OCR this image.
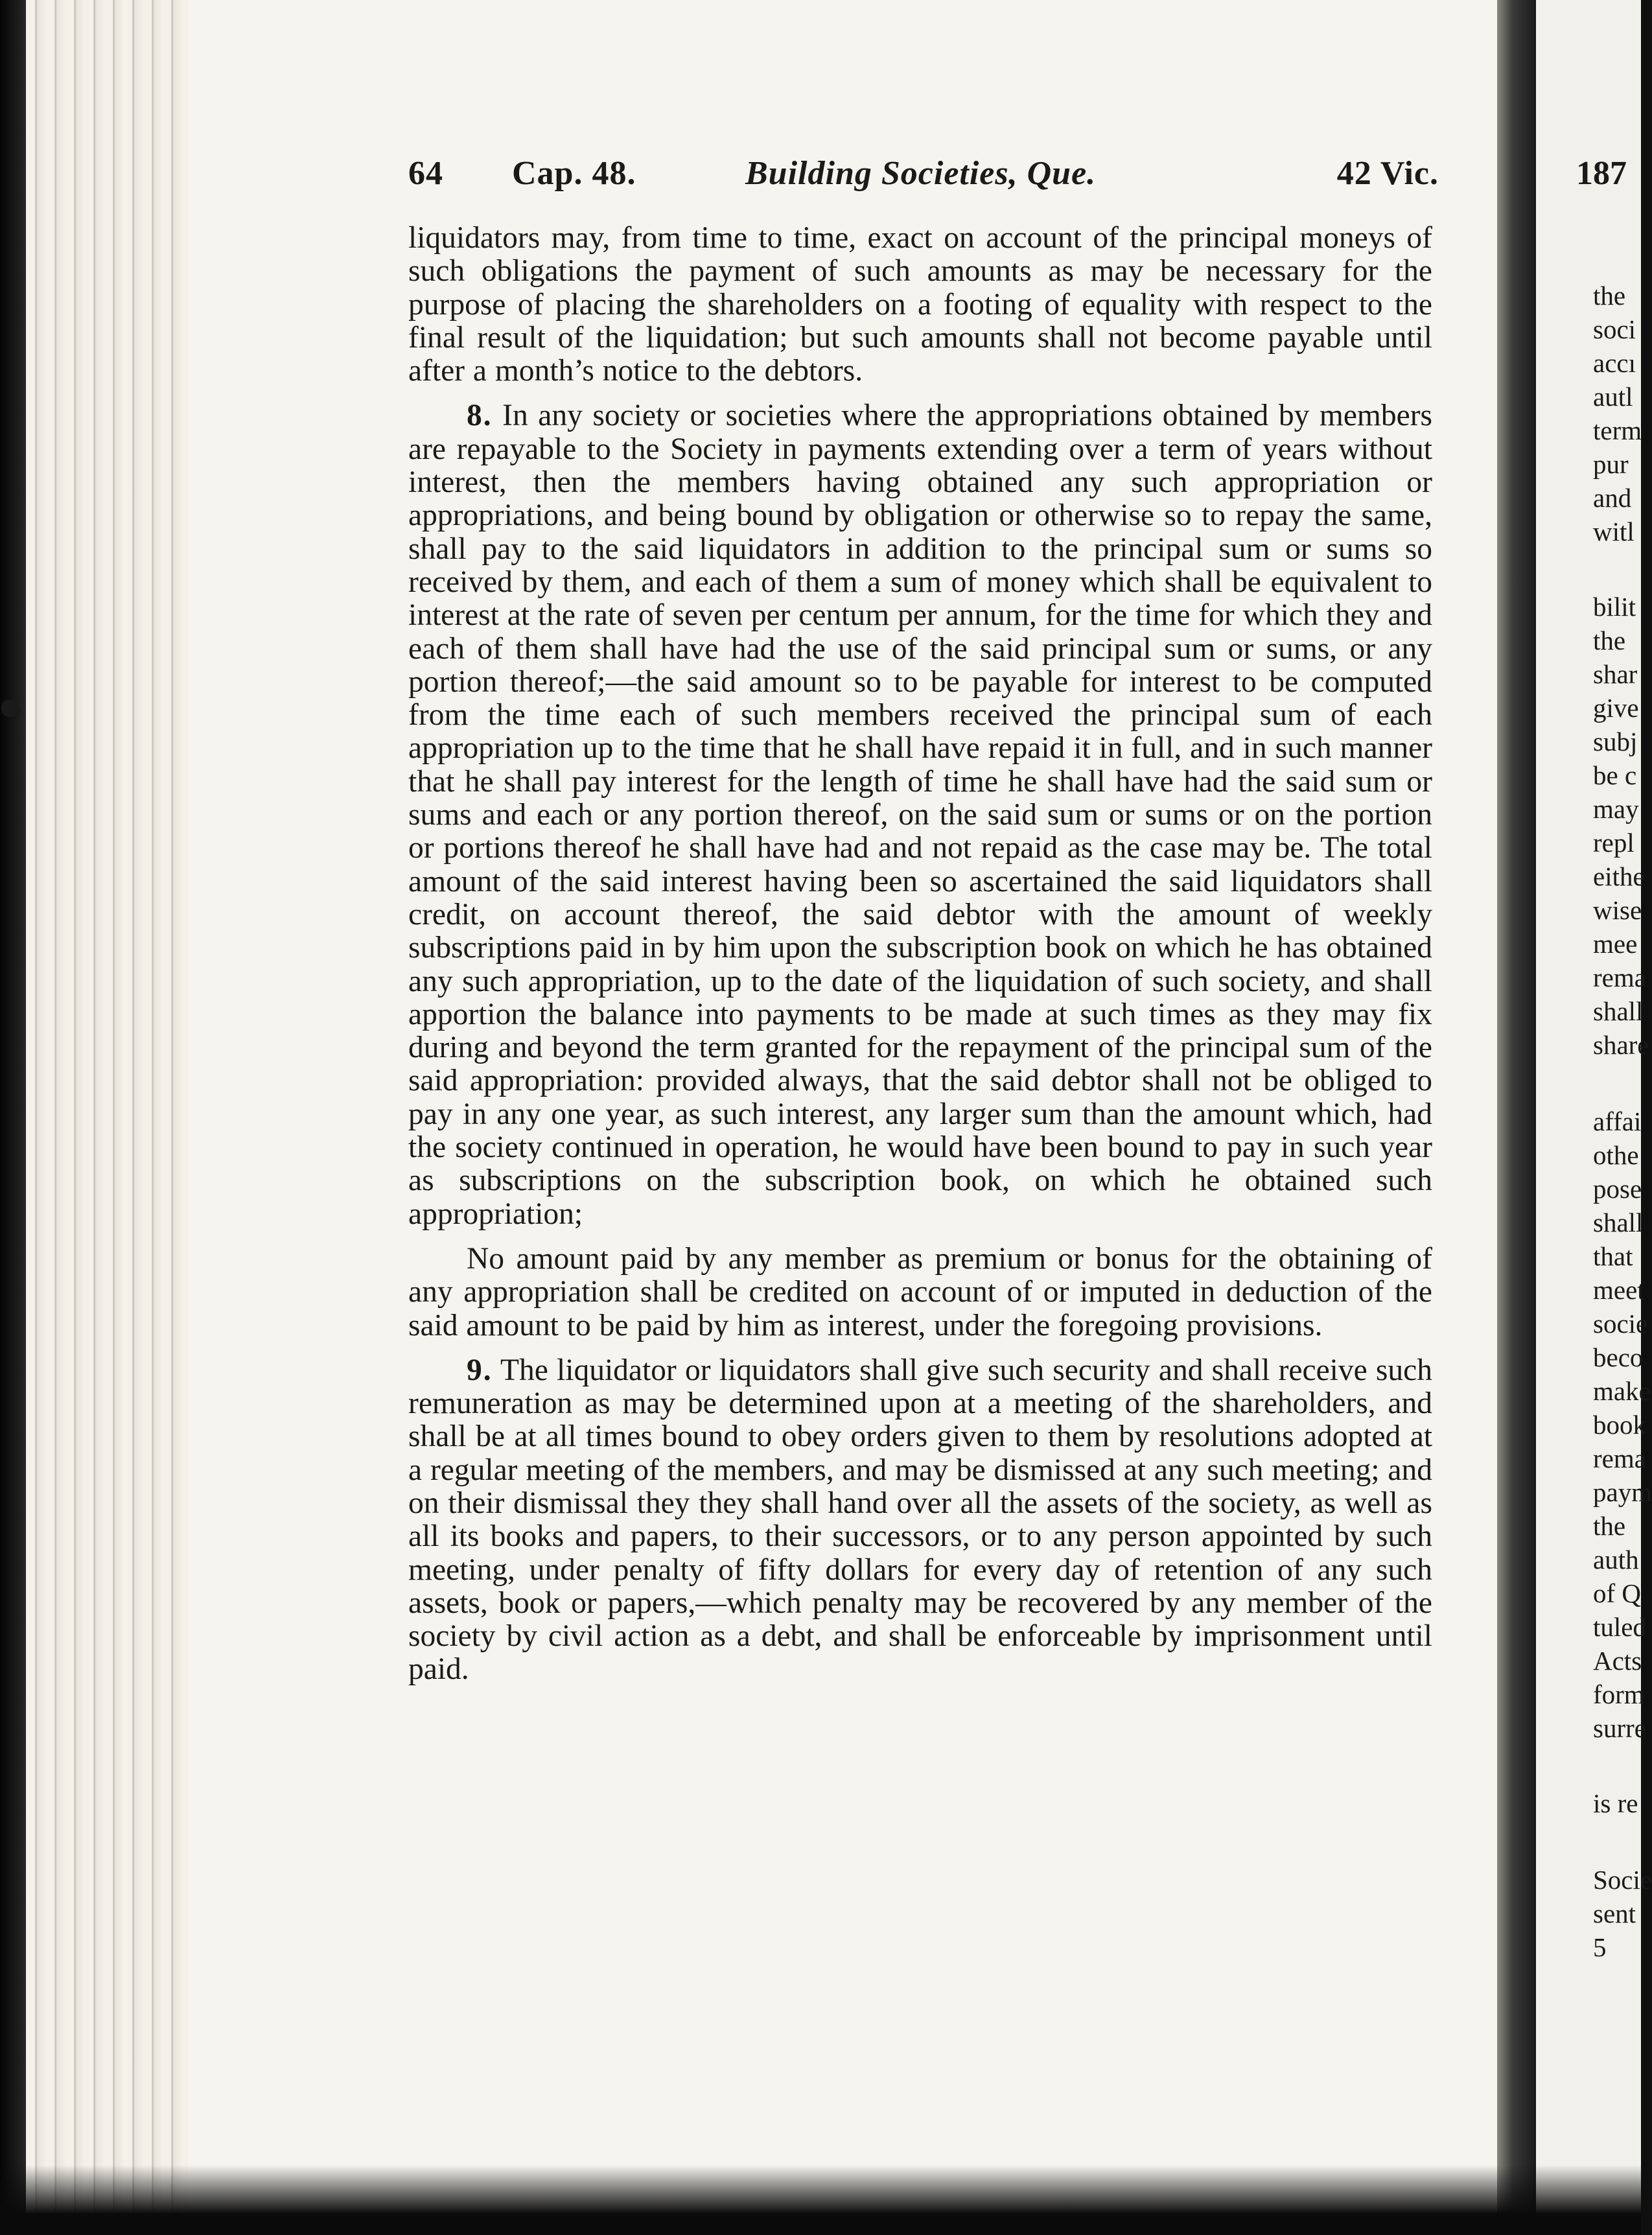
64 Cap. 48.	Building Societies, Que.	42 Vic.

liquidators may, from time to time, exact on account of the principal moneys of such obligations the payment of such amounts as may be necessary for the purpose of placing the shareholders on a footing of equality with respect to the final result of the liquidation; but such amounts shall not become payable until after a month’s notice to the debtors.

8. In any society or societies where the appropriations obtained by members are repayable to the Society in payments extending over a term of years without interest, then the members having obtained any such appropriation or appropriations, and being bound by obligation or otherwise so to repay the same, shall pay to the said liquidators in addition to the principal sum or sums so received by them, and each of them a sum of money which shall be equivalent to interest at the rate of seven per centum per annum, for the time for which they and each of them shall have had the use of the said principal sum or sums, or any portion thereof;—the said amount so to be payable for interest to be computed from the time each of such members received the principal sum of each appropriation up to the time that he shall have repaid it in full, and in such manner that he shall pay interest for the length of time he shall have had the said sum or sums and each or any portion thereof, on the said sum or sums or on the portion or portions thereof he shall have had and not repaid as the case may be. The total amount of the said interest having been so ascertained the said liquidators shall credit, on account thereof, the said debtor with the amount of weekly subscriptions paid in by him upon the subscription book on which he has obtained any such appropriation, up to the date of the liquidation of such society, and shall apportion the balance into payments to be made at such times as they may fix during and beyond the term granted for the repayment of the principal sum of the said appropriation: provided always, that the said debtor shall not be obliged to pay in any one year, as such interest, any larger sum than the amount which, had the society continued in operation, he would have been bound to pay in such year as subscriptions on the subscription book, on which he obtained such appropriation;

No amount paid by any member as premium or bonus for the obtaining of any appropriation shall be credited on account of or imputed in deduction of the said amount to be paid by him as interest, under the foregoing provisions.

9. The liquidator or liquidators shall give such security and shall receive such remuneration as may be determined upon at a meeting of the shareholders, and shall be at all times bound to obey orders given to them by resolutions adopted at a regular meeting of the members, and may be dismissed at any such meeting; and on their dismissal they they shall hand over all the assets of the society, as well as all its books and papers, to their successors, or to any person appointed by such meeting, under penalty of fifty dollars for every day of retention of any such assets, book or papers,—which penalty may be recovered by any member of the society by civil action as a debt, and shall be enforceable by imprisonment until paid.

187
the
soci
accı
autl
term
pur
and
witl
bilit
the
shar
give
subj
be c
may
repl
eithe
wise
mee
rema
shall
share
affai
othe
pose
shall
that
meet
socie
beco
make
book
rema
paym
the
auth
of Q
tuled
Acts
form
surre
is re
Socie
sent
5
